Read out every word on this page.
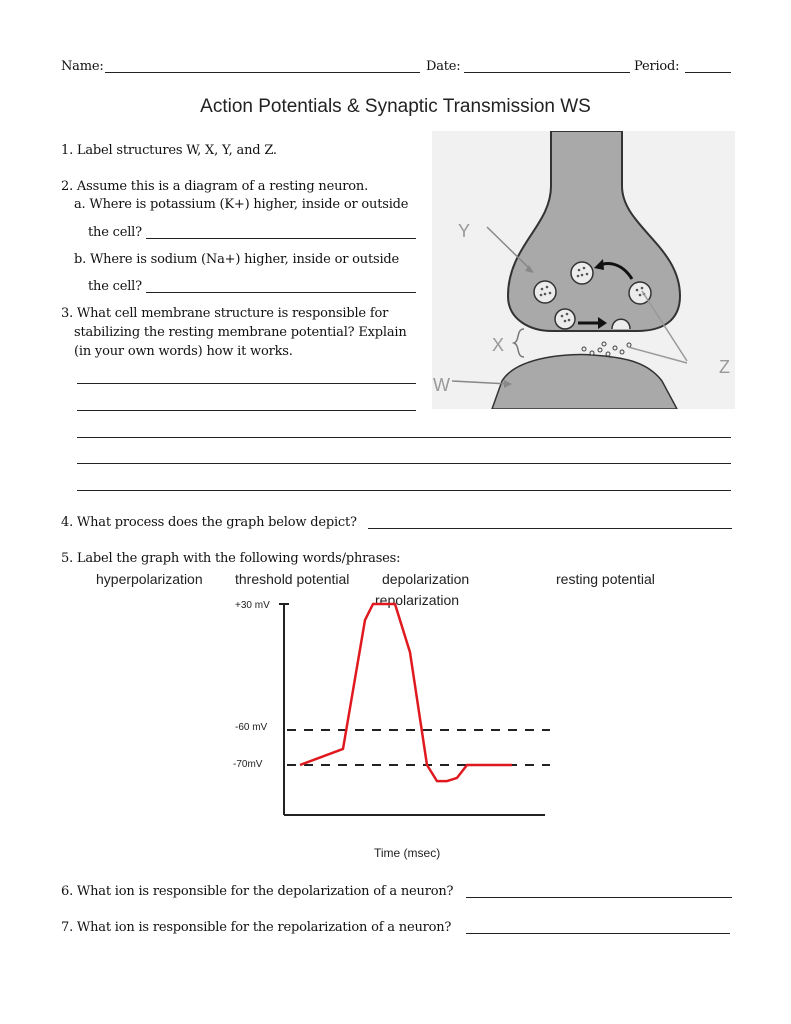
Name:	Date:	Period:
Action Potentials & Synaptic Transmission WS
1. Label structures W, X, Y, and Z.
2. Assume this is a diagram of a resting neuron.
a. Where is potassium (K+) higher, inside or outside
the cell?
b. Where is sodium (Na+) higher, inside or outside
the cell?
3. What cell membrane structure is responsible for
stabilizing the resting membrane potential? Explain
(in your own words) how it works.
Y
X
W
Z
4. What process does the graph below depict?
5. Label the graph with the following words/phrases:
hyperpolarization threshold potential depolarization	resting potential
repolarization
+30 mV
-60 mV
-70mV
Time (msec)
6. What ion is responsible for the depolarization of a neuron?
7. What ion is responsible for the repolarization of a neuron?
